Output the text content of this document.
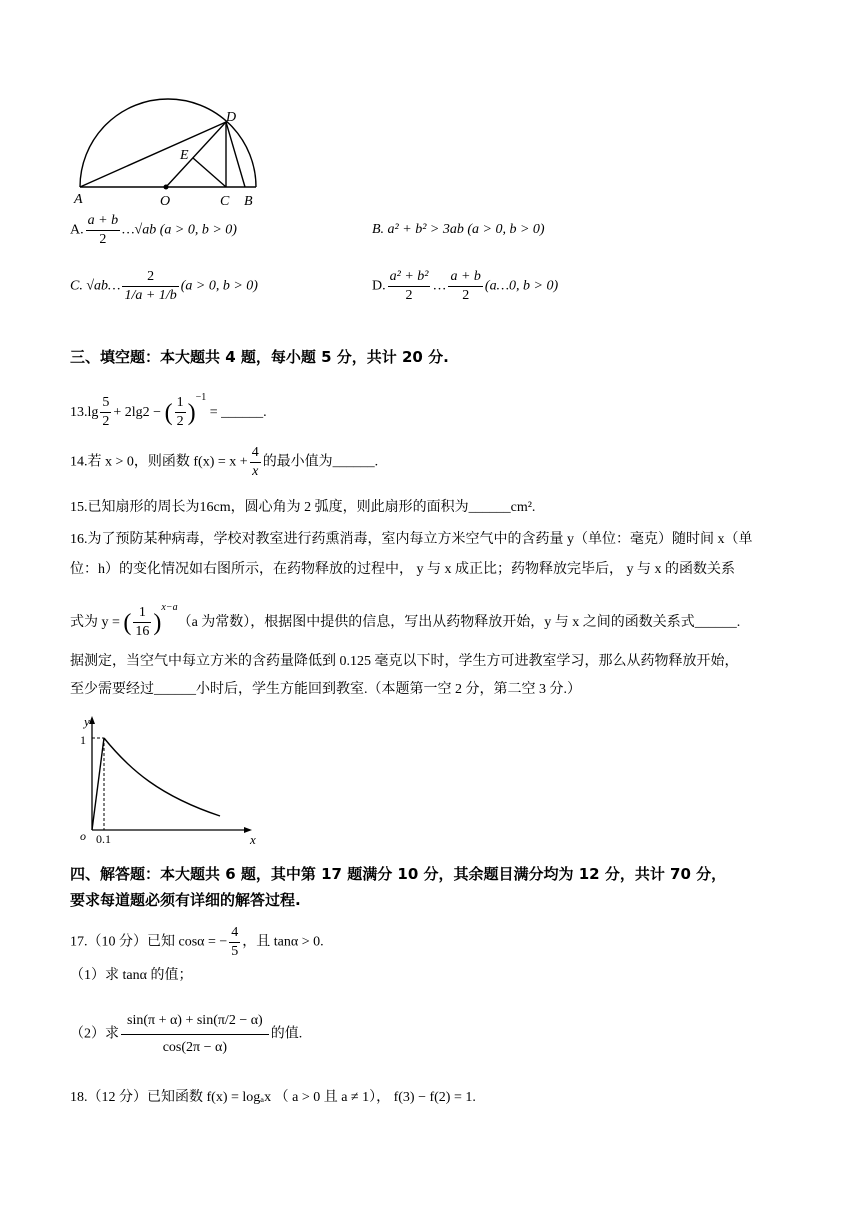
A	O	C B
D
E
A. $\frac{a + b}{2}$ …√ab (a > 0, b > 0)	B. a² + b² > 3ab (a > 0, b > 0)
C. √ab… $\frac{2}{1/a + 1/b} (a > 0$, b > 0)	D. $\frac{\text{a² + b²}}{2}$ … $\frac{a + b}{2}$ (a…0, b > 0)
三、填空题：本大题共 4 题，每小题 5 分，共计 20 分.
$13.\lg \frac{5}{2} + 2\lg 2$ − ( $\frac{1}{2} )^{-1}$ = ______.
14.若 x > 0，则函数 $f(x) = x + \frac{4}{x}$ 的最小值为______.
15.已知扇形的周长为16cm，圆心角为 2 弧度，则此扇形的面积为______cm².
16.为了预防某种病毒，学校对教室进行药熏消毒，室内每立方米空气中的含药量 y（单位：毫克）随时间 x（单
位：h）的变化情况如右图所示，在药物释放的过程中， y 与 x 成正比；药物释放完毕后， y 与 x 的函数关系
式为 y = ( $\frac{1}{16} )^{x-a}(a$ 为常数），根据图中提供的信息，写出从药物释放开始，y 与 x 之间的函数关系式______.
据测定，当空气中每立方米的含药量降低到 0.125 毫克以下时，学生方可进教室学习，那么从药物释放开始，
至少需要经过______小时后，学生方能回到教室.（本题第一空 2 分，第二空 3 分.）
y
x
o
1
0.1
四、解答题：本大题共 6 题，其中第 17 题满分 10 分，其余题目满分均为 12 分，共计 70 分，
要求每道题必须有详细的解答过程.
17.（10 分）已知 cosα = − $\frac{4}{5}$ ，且 tanα > 0.
（1）求 tanα 的值；
（2）求 $\frac{\sin(\pi + \alpha) + \sin(\pi/2 - \alpha)}{\cos(2\pi - \alpha)}$ 的值.
18.（12 分）已知函数 f(x) = logₐx （ a > 0 且 a ≠ 1）， f(3) − f(2) = 1.
